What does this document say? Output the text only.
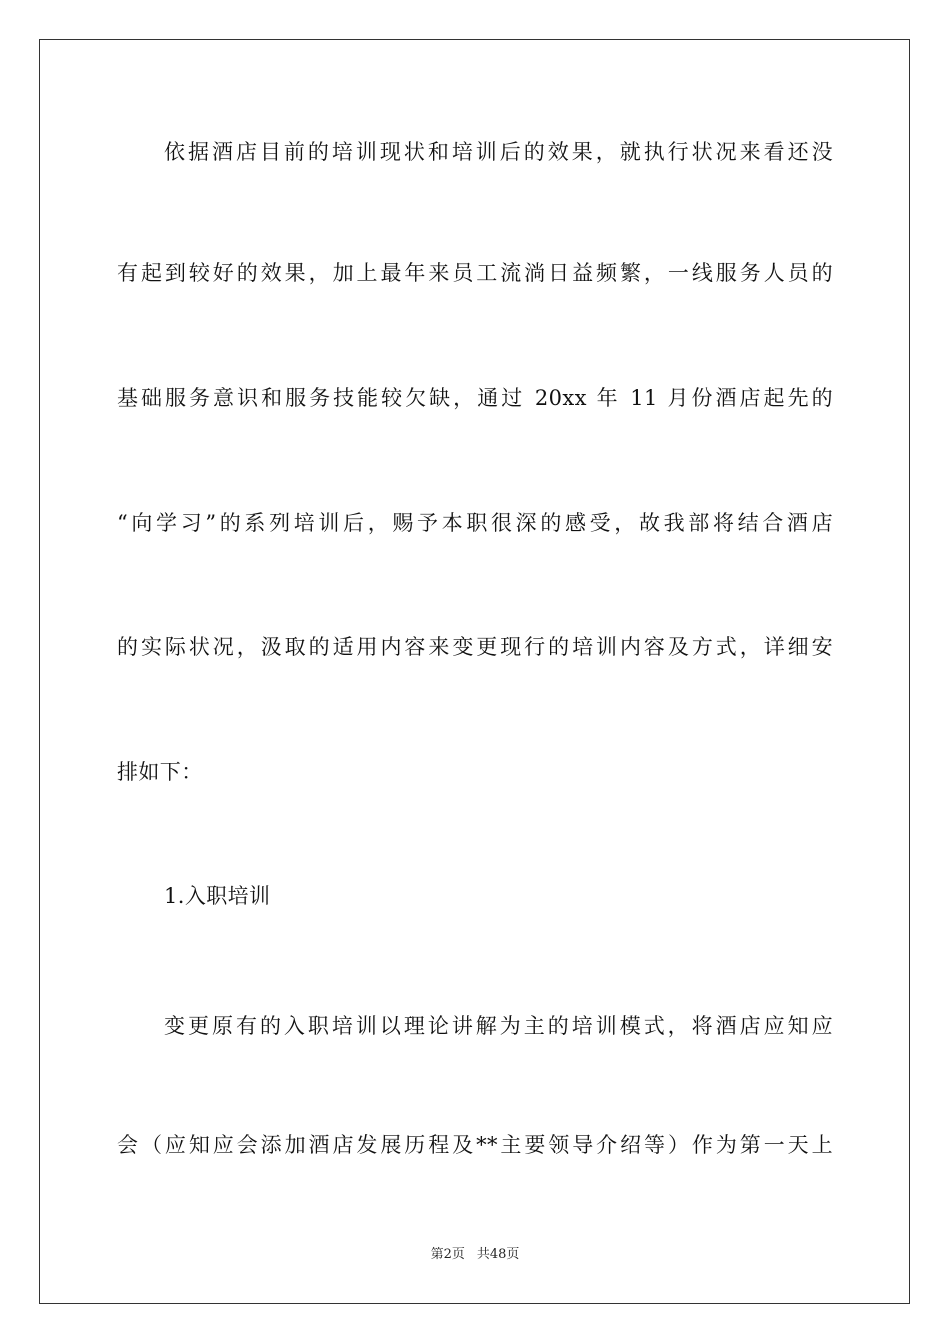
依据酒店目前的培训现状和培训后的效果，就执行状况来看还没
有起到较好的效果，加上最年来员工流淌日益频繁，一线服务人员的
基础服务意识和服务技能较欠缺，通过 20xx 年 11 月份酒店起先的
“向学习”的系列培训后，赐予本职很深的感受，故我部将结合酒店
的实际状况，汲取的适用内容来变更现行的培训内容及方式，详细安
排如下：
1.入职培训
变更原有的入职培训以理论讲解为主的培训模式，将酒店应知应
会（应知应会添加酒店发展历程及**主要领导介绍等）作为第一天上
第2页 共48页
